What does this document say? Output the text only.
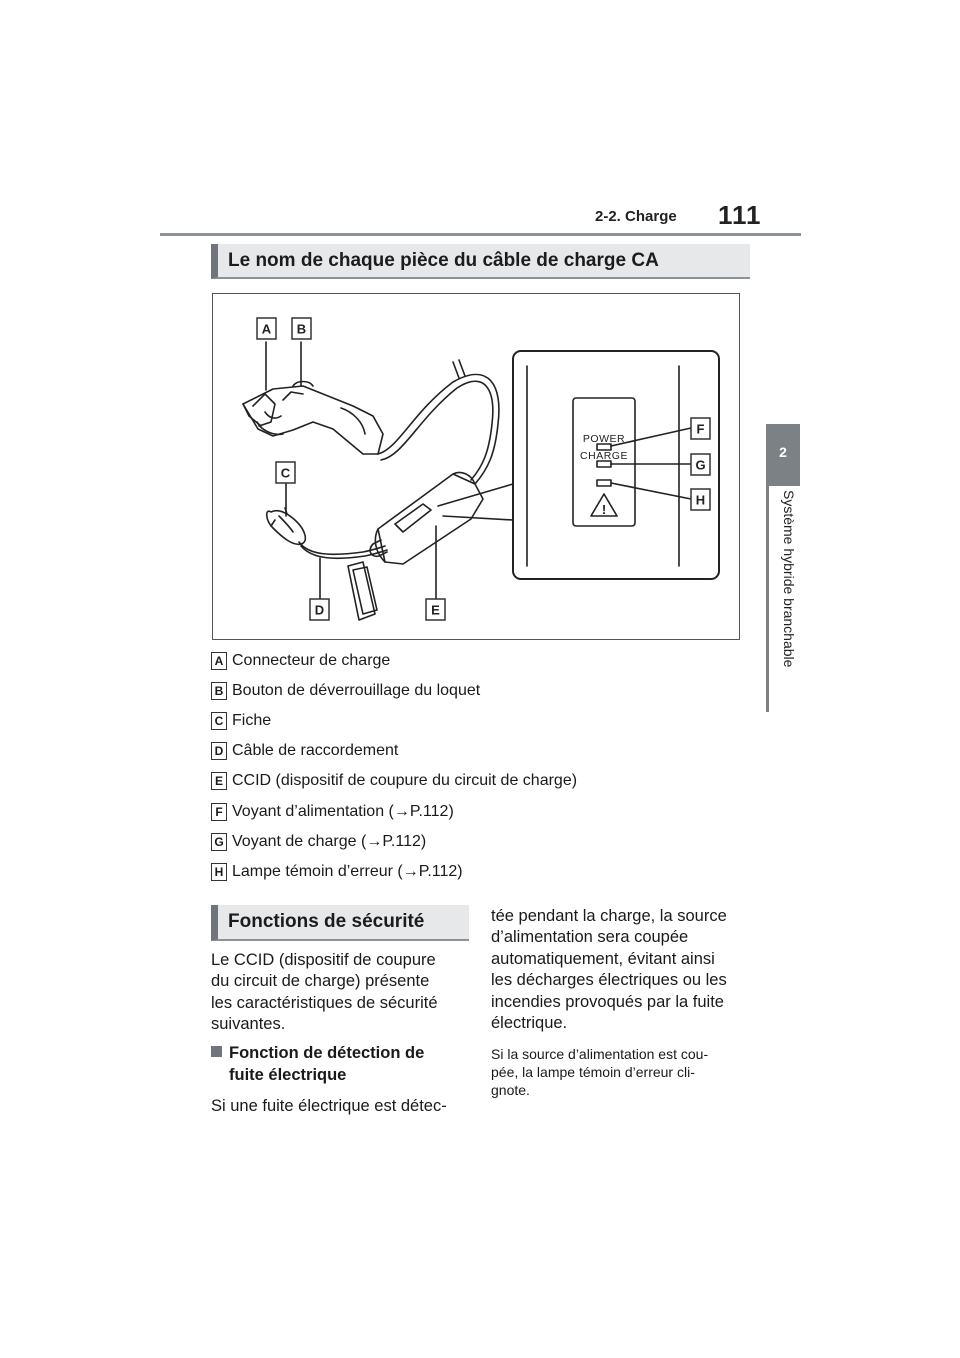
2-2. Charge 111
2
Système hybride branchable
Le nom de chaque pièce du câble de charge CA
!
POWER
CHARGE
A B
C
D	E
F
G
H
A Connecteur de charge
B Bouton de déverrouillage du loquet
C Fiche
D Câble de raccordement
E CCID (dispositif de coupure du circuit de charge)
F Voyant d’alimentation (→P.112)
G Voyant de charge (→P.112)
H Lampe témoin d’erreur (→P.112)
Fonctions de sécurité
Le CCID (dispositif de coupure
du circuit de charge) présente
les caractéristiques de sécurité
suivantes.
Fonction de détection de
fuite électrique
Si une fuite électrique est détec-
tée pendant la charge, la source
d’alimentation sera coupée
automatiquement, évitant ainsi
les décharges électriques ou les
incendies provoqués par la fuite
électrique.
Si la source d’alimentation est cou-
pée, la lampe témoin d’erreur cli-
gnote.
